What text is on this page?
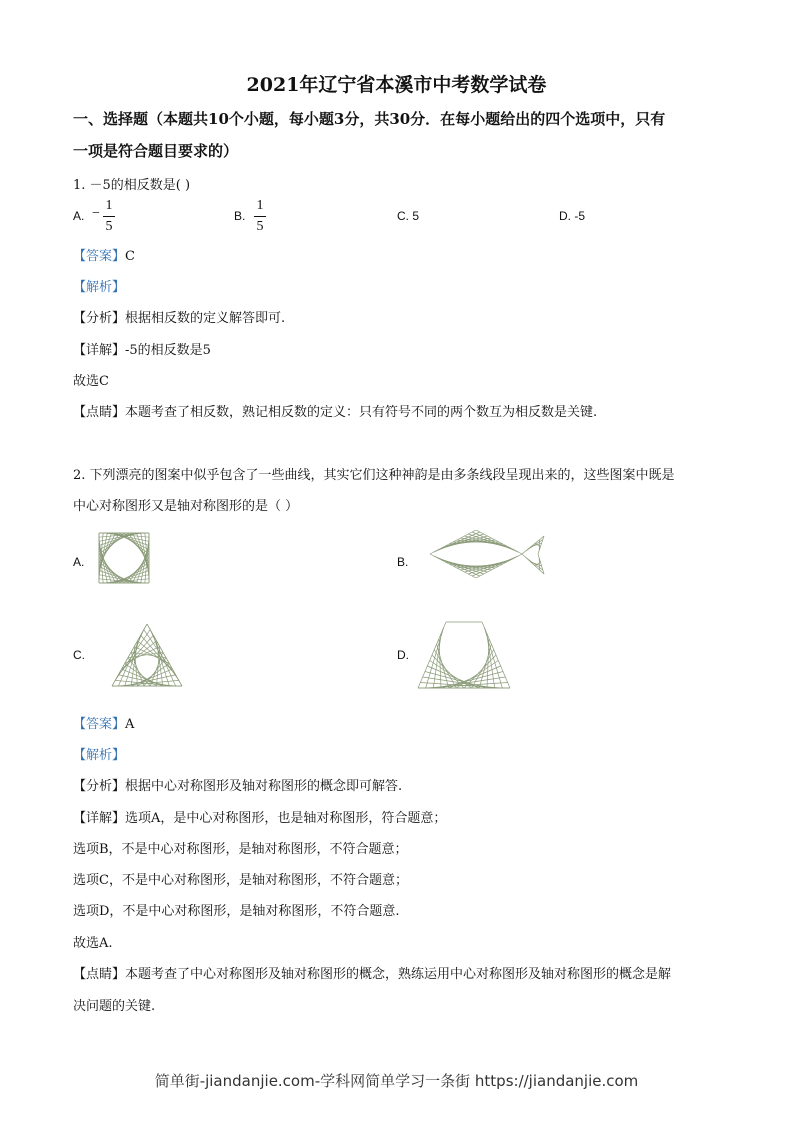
2021年辽宁省本溪市中考数学试卷
一、选择题（本题共10个小题，每小题3分，共30分．在每小题给出的四个选项中，只有
一项是符合题目要求的）
1. －5的相反数是( )
A. −
1
5
B.
1
5
C. 5	D. -5
【答案】C
【解析】
【分析】根据相反数的定义解答即可.
【详解】-5的相反数是5
故选C
【点睛】本题考查了相反数，熟记相反数的定义：只有符号不同的两个数互为相反数是关键.
2. 下列漂亮的图案中似乎包含了一些曲线，其实它们这种神韵是由多条线段呈现出来的，这些图案中既是
中心对称图形又是轴对称图形的是（ ）
A.	B.
C.	D.
【答案】A
【解析】
【分析】根据中心对称图形及轴对称图形的概念即可解答.
【详解】选项A，是中心对称图形，也是轴对称图形，符合题意；
选项B，不是中心对称图形，是轴对称图形，不符合题意；
选项C，不是中心对称图形，是轴对称图形，不符合题意；
选项D，不是中心对称图形，是轴对称图形，不符合题意.
故选A.
【点睛】本题考查了中心对称图形及轴对称图形的概念，熟练运用中心对称图形及轴对称图形的概念是解
决问题的关键.
简单街-jiandanjie.com-学科网简单学习一条街 https://jiandanjie.com
